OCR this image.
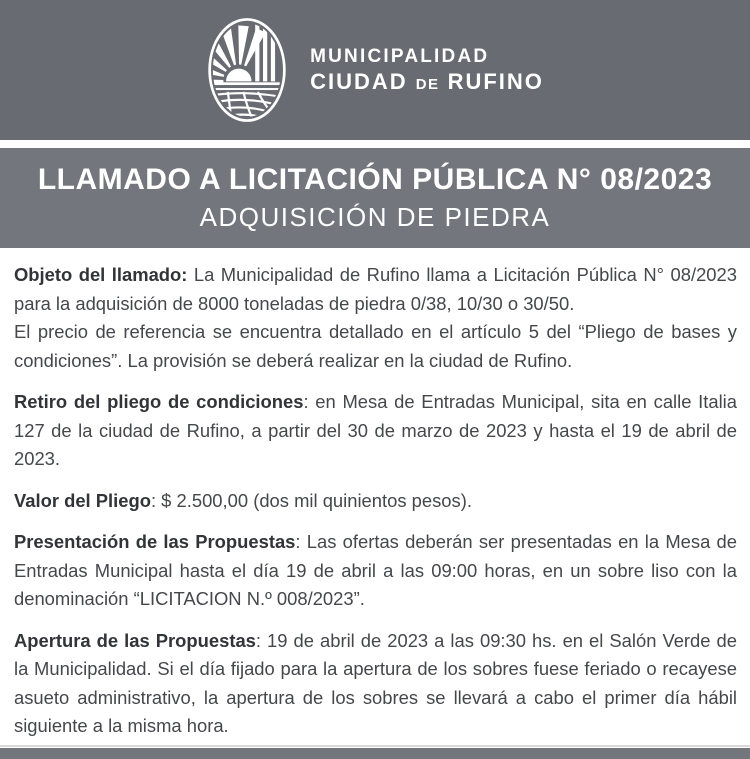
MUNICIPALIDAD
CIUDAD DE RUFINO
LLAMADO A LICITACIÓN PÚBLICA N° 08/2023
ADQUISICIÓN DE PIEDRA

Objeto del llamado: La Municipalidad de Rufino llama a Licitación Pública N° 08/2023 para la adquisición de 8000 toneladas de piedra 0/38, 10/30 o 30/50.
El precio de referencia se encuentra detallado en el artículo 5 del “Pliego de bases y condiciones”. La provisión se deberá realizar en la ciudad de Rufino.

Retiro del pliego de condiciones: en Mesa de Entradas Municipal, sita en calle Italia 127 de la ciudad de Rufino, a partir del 30 de marzo de 2023 y hasta el 19 de abril de 2023.

Valor del Pliego: $ 2.500,00 (dos mil quinientos pesos).

Presentación de las Propuestas: Las ofertas deberán ser presentadas en la Mesa de Entradas Municipal hasta el día 19 de abril a las 09:00 horas, en un sobre liso con la denominación “LICITACION N.º 008/2023”.

Apertura de las Propuestas: 19 de abril de 2023 a las 09:30 hs. en el Salón Verde de la Municipalidad. Si el día fijado para la apertura de los sobres fuese feriado o recayese asueto administrativo, la apertura de los sobres se llevará a cabo el primer día hábil siguiente a la misma hora.
